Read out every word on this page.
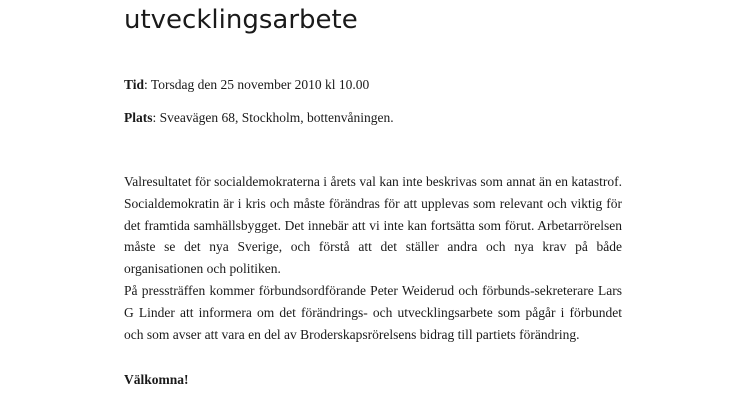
utvecklingsarbete

Tid: Torsdag den 25 november 2010 kl 10.00

Plats: Sveavägen 68, Stockholm, bottenvåningen.

Valresultatet för socialdemokraterna i årets val kan inte beskrivas som annat än en katastrof. Socialdemokratin är i kris och måste förändras för att upplevas som relevant och viktig för det framtida samhällsbygget. Det innebär att vi inte kan fortsätta som förut. Arbetarrörelsen måste se det nya Sverige, och förstå att det ställer andra och nya krav på både organisationen och politiken.

På pressträffen kommer förbundsordförande Peter Weiderud och förbunds-sekreterare Lars G Linder att informera om det förändrings- och utvecklingsarbete som pågår i förbundet och som avser att vara en del av Broderskapsrörelsens bidrag till partiets förändring.

Välkomna!
